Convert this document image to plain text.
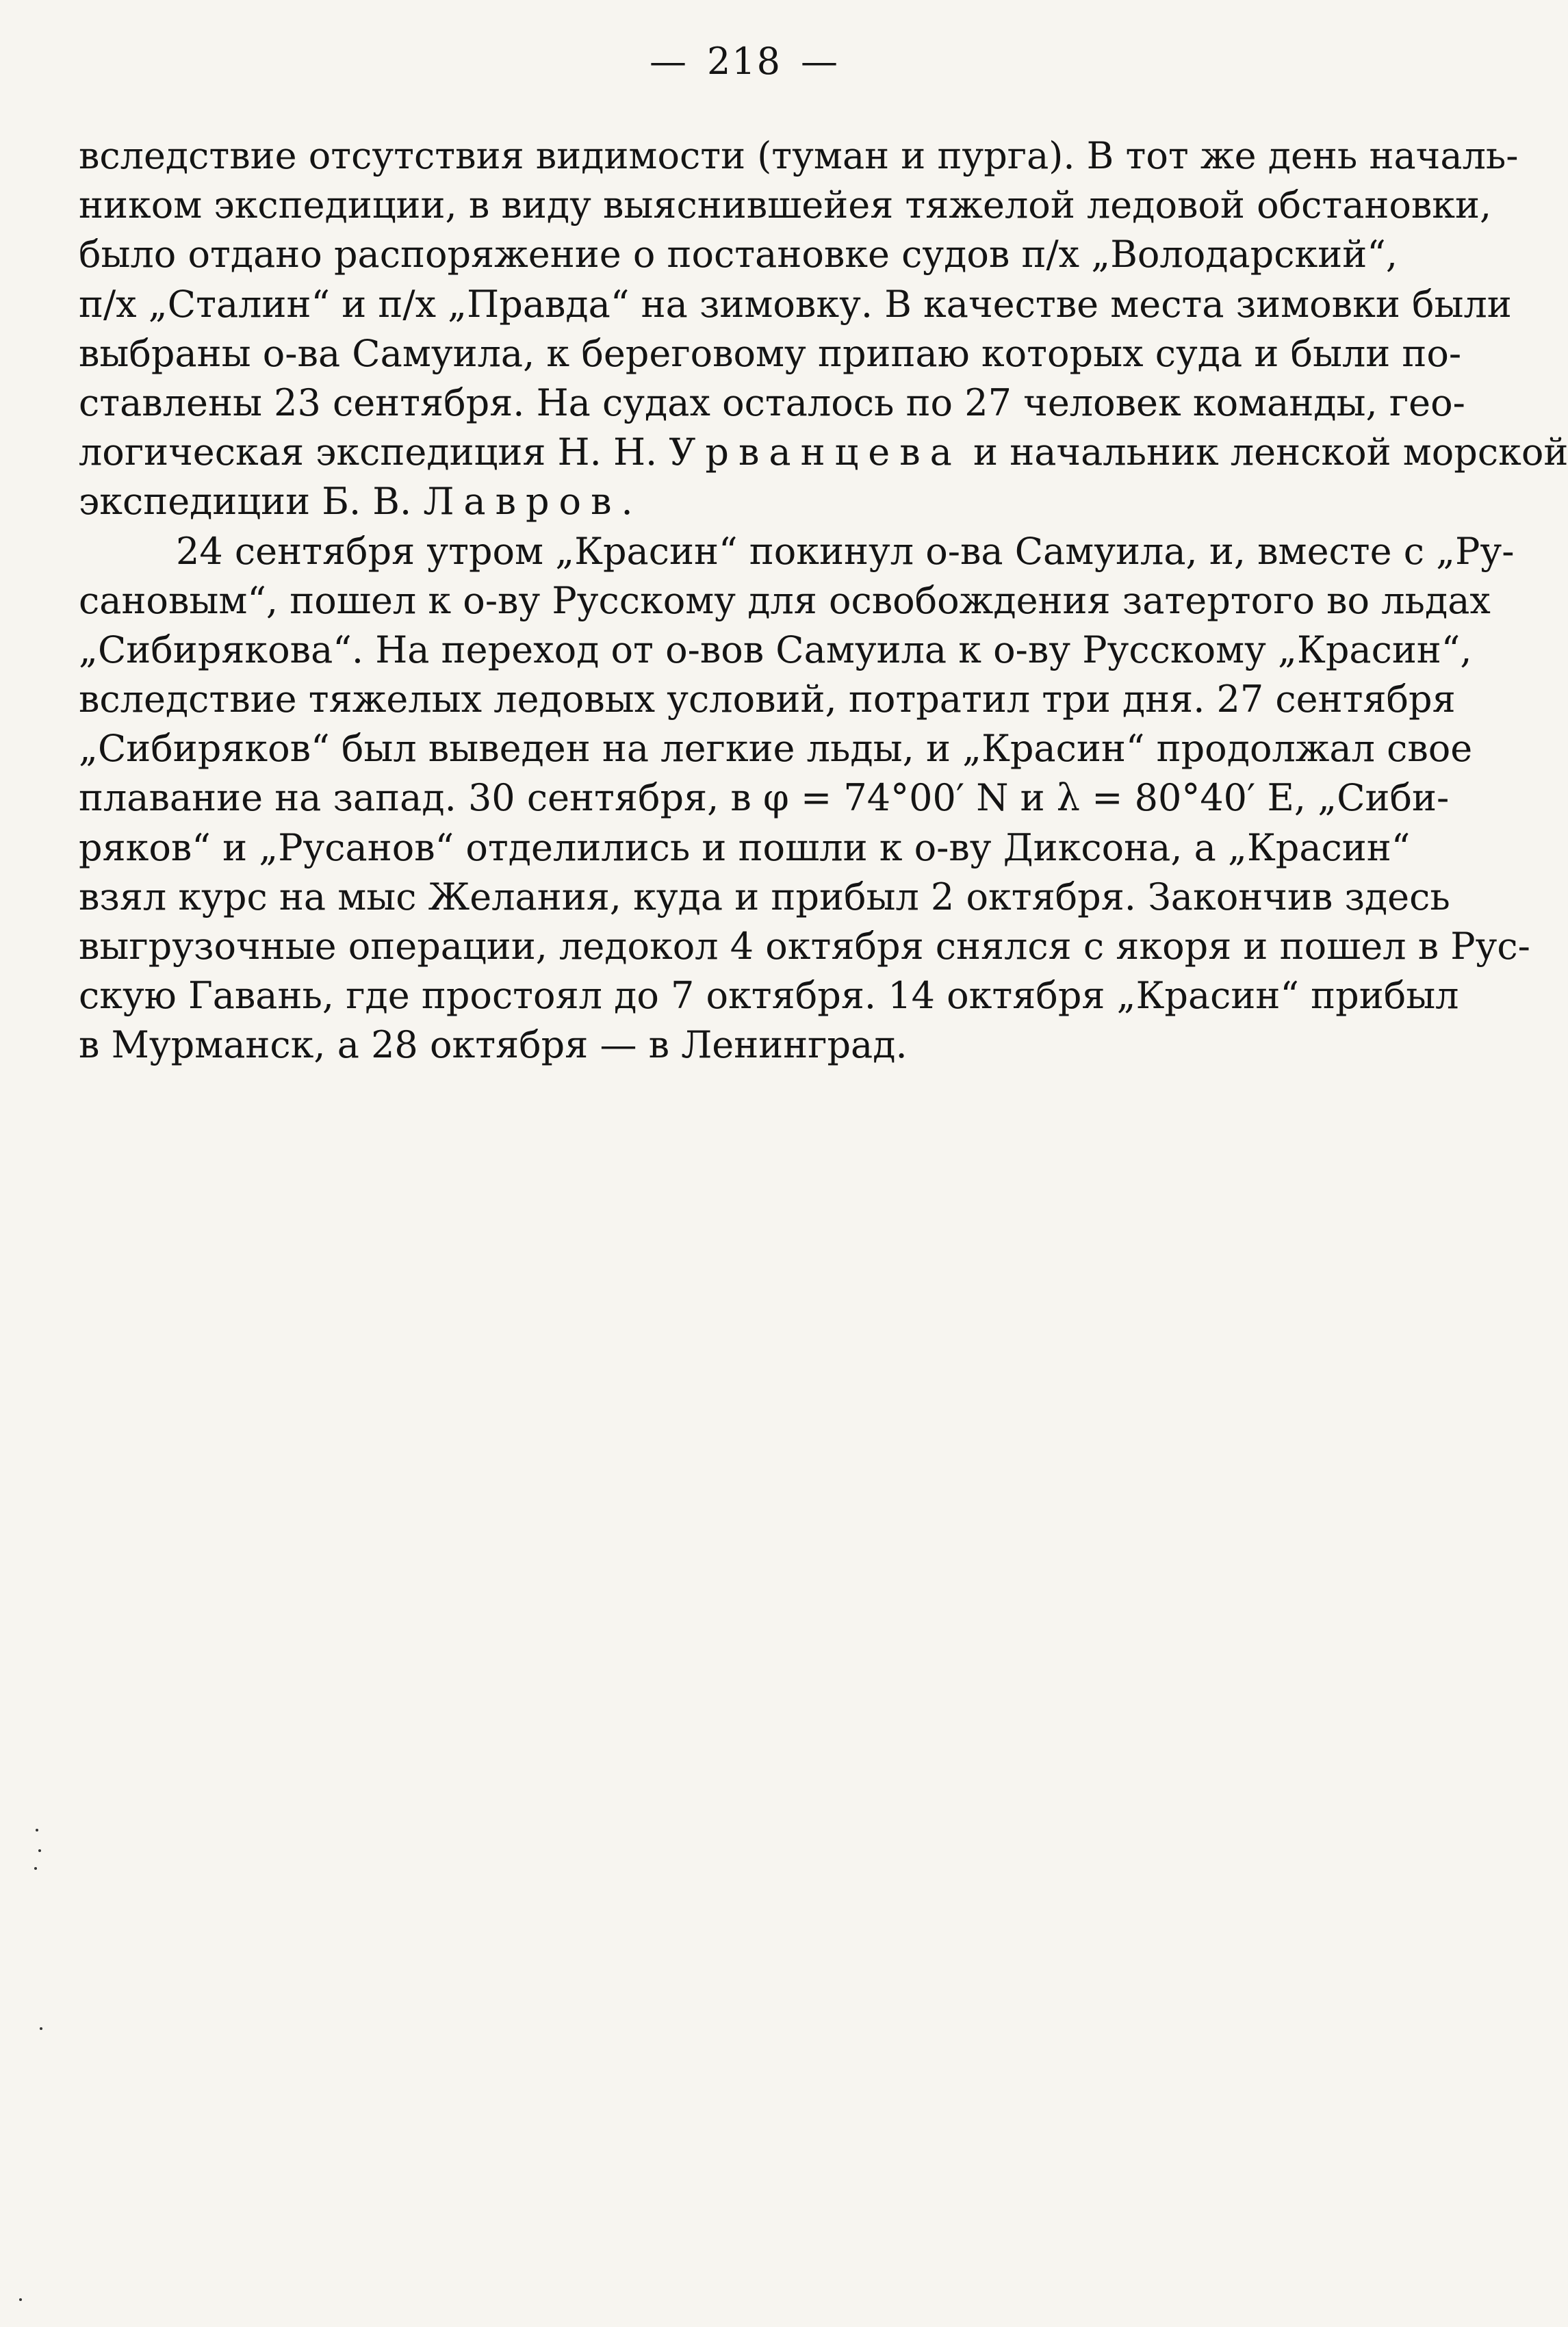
— 218 —
вследствие отсутствия видимости (туман и пурга). В тот же день началь-
ником экспедиции, в виду выяснившейея тяжелой ледовой обстановки,
было отдано распоряжение о постановке судов п/х „Володарский“,
п/х „Сталин“ и п/х „Правда“ на зимовку. В качестве места зимовки были
выбраны о-ва Самуила, к береговому припаю которых суда и были по-
ставлены 23 сентября. На судах осталось по 27 человек команды, гео-
логическая экспедиция Н. Н. Урванцева и начальник ленской морской
экспедиции Б. В. Лавров.
24 сентября утром „Красин“ покинул о-ва Самуила, и, вместе с „Ру-
сановым“, пошел к о-ву Русскому для освобождения затертого во льдах
„Сибирякова“. На переход от о-вов Самуила к о-ву Русскому „Красин“,
вследствие тяжелых ледовых условий, потратил три дня. 27 сентября
„Сибиряков“ был выведен на легкие льды, и „Красин“ продолжал свое
плавание на запад. 30 сентября, в φ = 74°00′ N и λ = 80°40′ E, „Сиби-
ряков“ и „Русанов“ отделились и пошли к о-ву Диксона, а „Красин“
взял курс на мыс Желания, куда и прибыл 2 октября. Закончив здесь
выгрузочные операции, ледокол 4 октября снялся с якоря и пошел в Рус-
скую Гавань, где простоял до 7 октября. 14 октября „Красин“ прибыл
в Мурманск, а 28 октября — в Ленинград.
